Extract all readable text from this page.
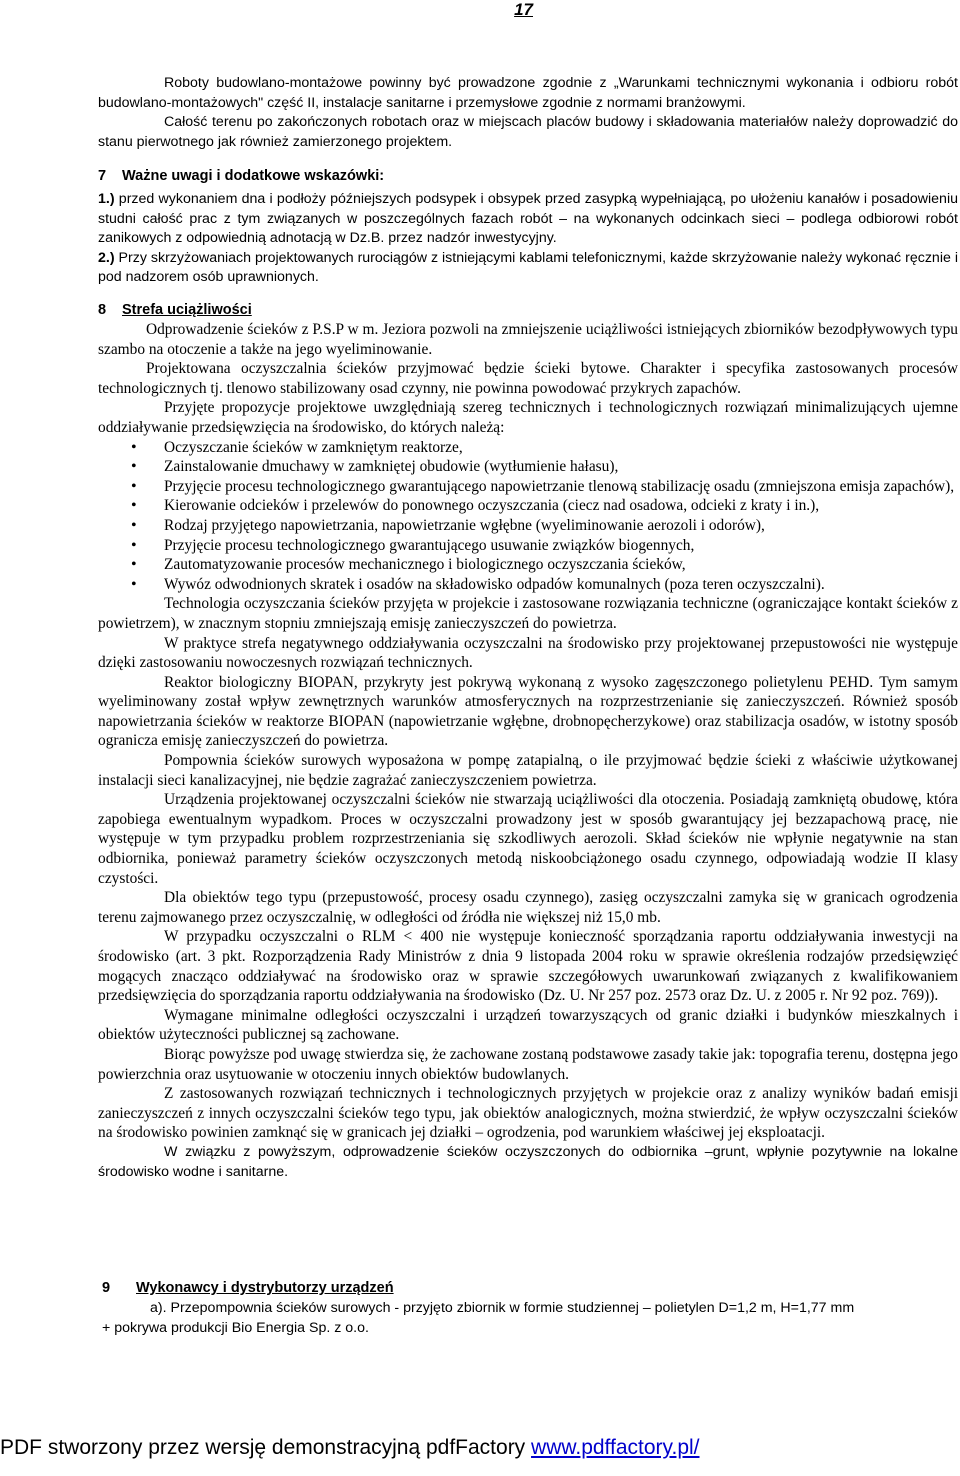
17

Roboty budowlano-montażowe powinny być prowadzone zgodnie z „Warunkami technicznymi wykonania i odbioru robót budowlano-montażowych" część II, instalacje sanitarne i przemysłowe zgodnie z normami branżowymi.

Całość terenu po zakończonych robotach oraz w miejscach placów budowy i składowania materiałów należy doprowadzić do stanu pierwotnego jak również zamierzonego projektem.

7 Ważne uwagi i dodatkowe wskazówki:

1.) przed wykonaniem dna i podłoży późniejszych podsypek i obsypek przed zasypką wypełniającą, po ułożeniu kanałów i posadowieniu studni całość prac z tym związanych w poszczególnych fazach robót – na wykonanych odcinkach sieci – podlega odbiorowi robót zanikowych z odpowiednią adnotacją w Dz.B. przez nadzór inwestycyjny.

2.) Przy skrzyżowaniach projektowanych rurociągów z istniejącymi kablami telefonicznymi, każde skrzyżowanie należy wykonać ręcznie i pod nadzorem osób uprawnionych.

8 Strefa uciążliwości

Odprowadzenie ścieków z P.S.P w m. Jeziora pozwoli na zmniejszenie uciążliwości istniejących zbiorników bezodpływowych typu szambo na otoczenie a także na jego wyeliminowanie.

Projektowana oczyszczalnia ścieków przyjmować będzie ścieki bytowe. Charakter i specyfika zastosowanych procesów technologicznych tj. tlenowo stabilizowany osad czynny, nie powinna powodować przykrych zapachów.

Przyjęte propozycje projektowe uwzględniają szereg technicznych i technologicznych rozwiązań minimalizujących ujemne oddziaływanie przedsięwzięcia na środowisko, do których należą:

• Oczyszczanie ścieków w zamkniętym reaktorze,
• Zainstalowanie dmuchawy w zamkniętej obudowie (wytłumienie hałasu),
• Przyjęcie procesu technologicznego gwarantującego napowietrzanie tlenową stabilizację osadu (zmniejszona emisja zapachów),
• Kierowanie odcieków i przelewów do ponownego oczyszczania (ciecz nad osadowa, odcieki z kraty i in.),
• Rodzaj przyjętego napowietrzania, napowietrzanie wgłębne (wyeliminowanie aerozoli i odorów),
• Przyjęcie procesu technologicznego gwarantującego usuwanie związków biogennych,
• Zautomatyzowanie procesów mechanicznego i biologicznego oczyszczania ścieków,
• Wywóz odwodnionych skratek i osadów na składowisko odpadów komunalnych (poza teren oczyszczalni).

Technologia oczyszczania ścieków przyjęta w projekcie i zastosowane rozwiązania techniczne (ograniczające kontakt ścieków z powietrzem), w znacznym stopniu zmniejszają emisję zanieczyszczeń do powietrza.

W praktyce strefa negatywnego oddziaływania oczyszczalni na środowisko przy projektowanej przepustowości nie występuje dzięki zastosowaniu nowoczesnych rozwiązań technicznych.

Reaktor biologiczny BIOPAN, przykryty jest pokrywą wykonaną z wysoko zagęszczonego polietylenu PEHD. Tym samym wyeliminowany został wpływ zewnętrznych warunków atmosferycznych na rozprzestrzenianie się zanieczyszczeń. Również sposób napowietrzania ścieków w reaktorze BIOPAN (napowietrzanie wgłębne, drobnopęcherzykowe) oraz stabilizacja osadów, w istotny sposób ogranicza emisję zanieczyszczeń do powietrza.

Pompownia ścieków surowych wyposażona w pompę zatapialną, o ile przyjmować będzie ścieki z właściwie użytkowanej instalacji sieci kanalizacyjnej, nie będzie zagrażać zanieczyszczeniem powietrza.

Urządzenia projektowanej oczyszczalni ścieków nie stwarzają uciążliwości dla otoczenia. Posiadają zamkniętą obudowę, która zapobiega ewentualnym wypadkom. Proces w oczyszczalni prowadzony jest w sposób gwarantujący jej bezzapachową pracę, nie występuje w tym przypadku problem rozprzestrzeniania się szkodliwych aerozoli. Skład ścieków nie wpłynie negatywnie na stan odbiornika, ponieważ parametry ścieków oczyszczonych metodą niskoobciążonego osadu czynnego, odpowiadają wodzie II klasy czystości.

Dla obiektów tego typu (przepustowość, procesy osadu czynnego), zasięg oczyszczalni zamyka się w granicach ogrodzenia terenu zajmowanego przez oczyszczalnię, w odległości od źródła nie większej niż 15,0 mb.

W przypadku oczyszczalni o RLM < 400 nie występuje konieczność sporządzania raportu oddziaływania inwestycji na środowisko (art. 3 pkt. Rozporządzenia Rady Ministrów z dnia 9 listopada 2004 roku w sprawie określenia rodzajów przedsięwzięć mogących znacząco oddziaływać na środowisko oraz w sprawie szczegółowych uwarunkowań związanych z kwalifikowaniem przedsięwzięcia do sporządzania raportu oddziaływania na środowisko (Dz. U. Nr 257 poz. 2573 oraz Dz. U. z 2005 r. Nr 92 poz. 769)).

Wymagane minimalne odległości oczyszczalni i urządzeń towarzyszących od granic działki i budynków mieszkalnych i obiektów użyteczności publicznej są zachowane.

Biorąc powyższe pod uwagę stwierdza się, że zachowane zostaną podstawowe zasady takie jak: topografia terenu, dostępna jego powierzchnia oraz usytuowanie w otoczeniu innych obiektów budowlanych.

Z zastosowanych rozwiązań technicznych i technologicznych przyjętych w projekcie oraz z analizy wyników badań emisji zanieczyszczeń z innych oczyszczalni ścieków tego typu, jak obiektów analogicznych, można stwierdzić, że wpływ oczyszczalni ścieków na środowisko powinien zamknąć się w granicach jej działki – ogrodzenia, pod warunkiem właściwej jej eksploatacji.

W związku z powyższym, odprowadzenie ścieków oczyszczonych do odbiornika –grunt, wpłynie pozytywnie na lokalne środowisko wodne i sanitarne.

9 Wykonawcy i dystrybutorzy urządzeń

a). Przepompownia ścieków surowych - przyjęto zbiornik w formie studziennej – polietylen D=1,2 m, H=1,77 mm

+ pokrywa produkcji Bio Energia Sp. z o.o.

PDF stworzony przez wersję demonstracyjną pdfFactory www.pdffactory.pl/
